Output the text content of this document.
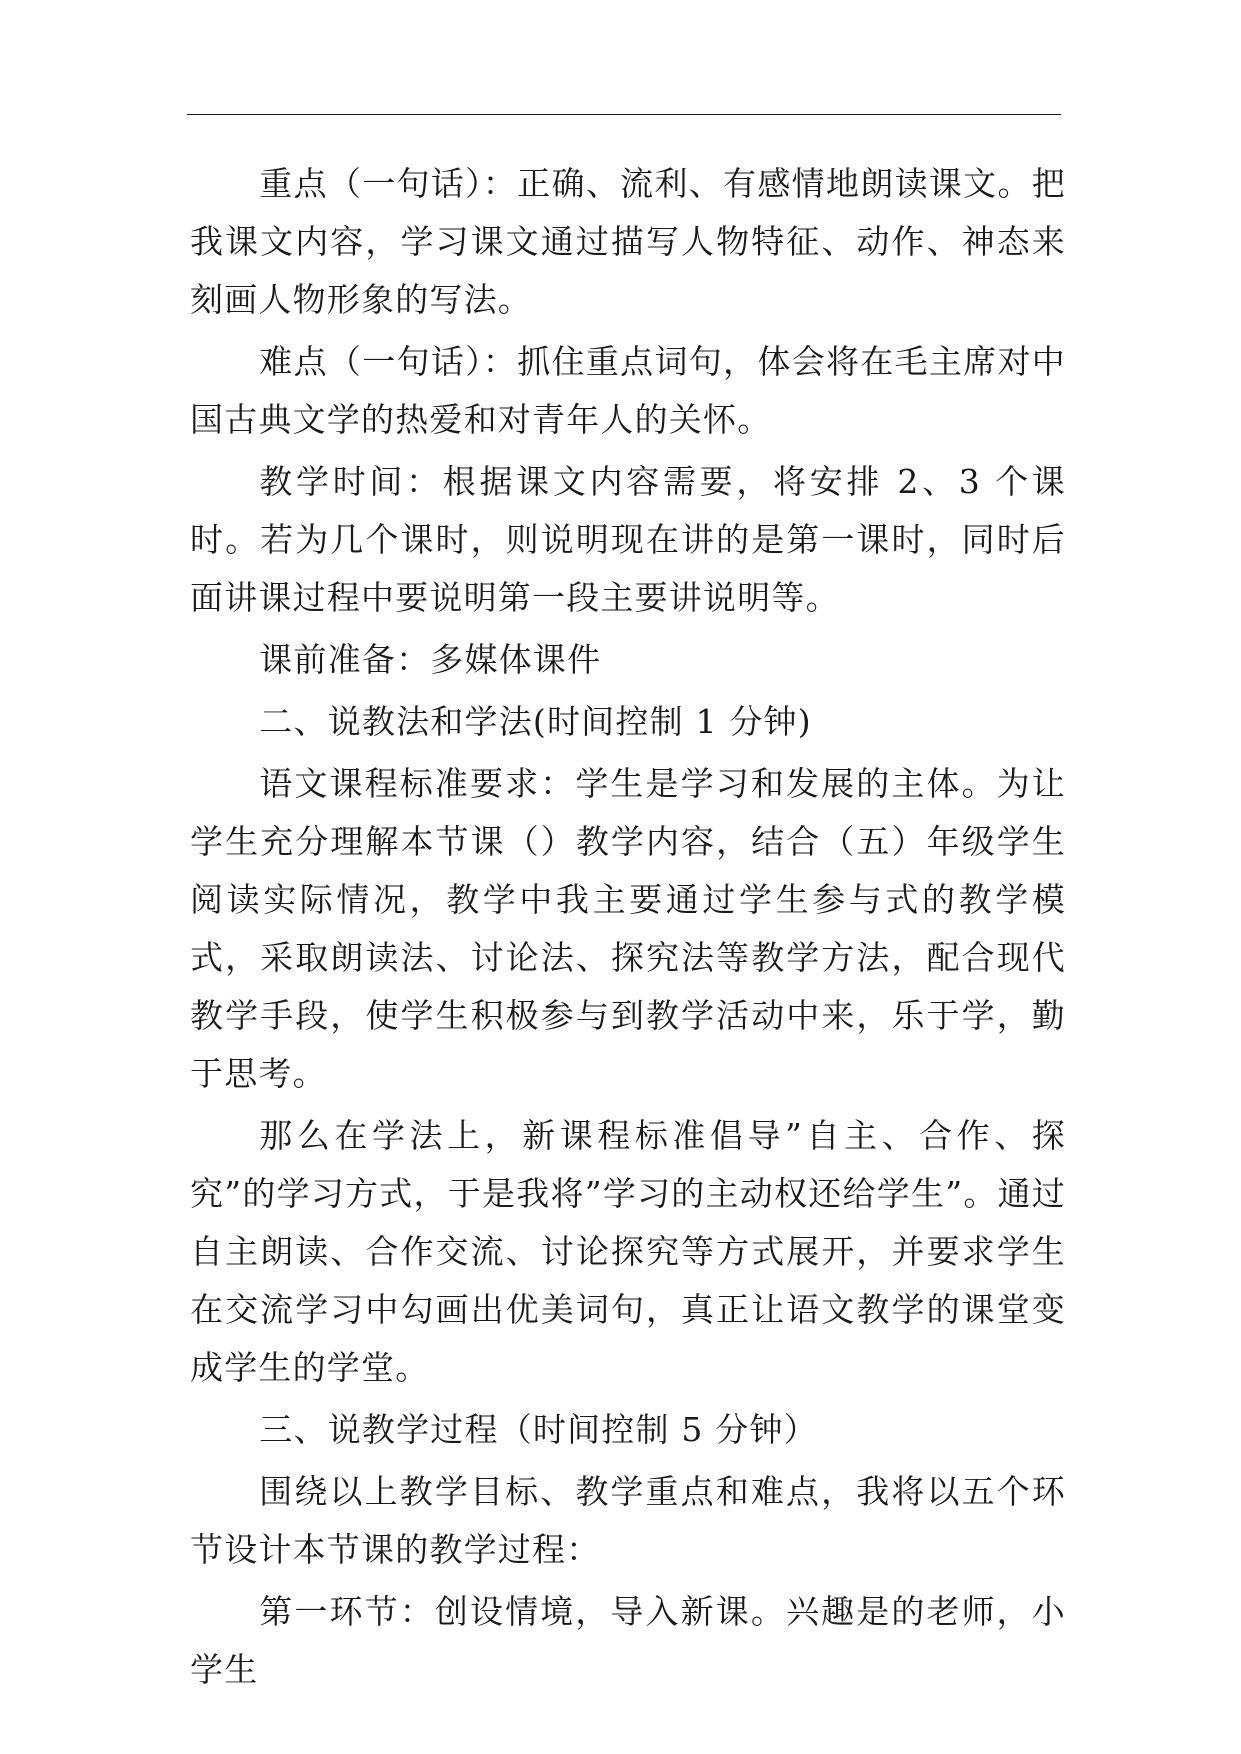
重点（一句话）：正确、流利、有感情地朗读课文。把我课文内容，学习课文通过描写人物特征、动作、神态来刻画人物形象的写法。

难点（一句话）：抓住重点词句，体会将在毛主席对中国古典文学的热爱和对青年人的关怀。

教学时间：根据课文内容需要，将安排 2、3 个课时。若为几个课时，则说明现在讲的是第一课时，同时后面讲课过程中要说明第一段主要讲说明等。

课前准备：多媒体课件

二、说教法和学法(时间控制 1 分钟)

语文课程标准要求：学生是学习和发展的主体。为让学生充分理解本节课（）教学内容，结合（五）年级学生阅读实际情况，教学中我主要通过学生参与式的教学模式，采取朗读法、讨论法、探究法等教学方法，配合现代教学手段，使学生积极参与到教学活动中来，乐于学，勤于思考。

那么在学法上，新课程标准倡导”自主、合作、探究”的学习方式，于是我将”学习的主动权还给学生”。通过自主朗读、合作交流、讨论探究等方式展开，并要求学生在交流学习中勾画出优美词句，真正让语文教学的课堂变成学生的学堂。

三、说教学过程（时间控制 5 分钟）

围绕以上教学目标、教学重点和难点，我将以五个环节设计本节课的教学过程：

第一环节：创设情境，导入新课。兴趣是的老师，小学生
